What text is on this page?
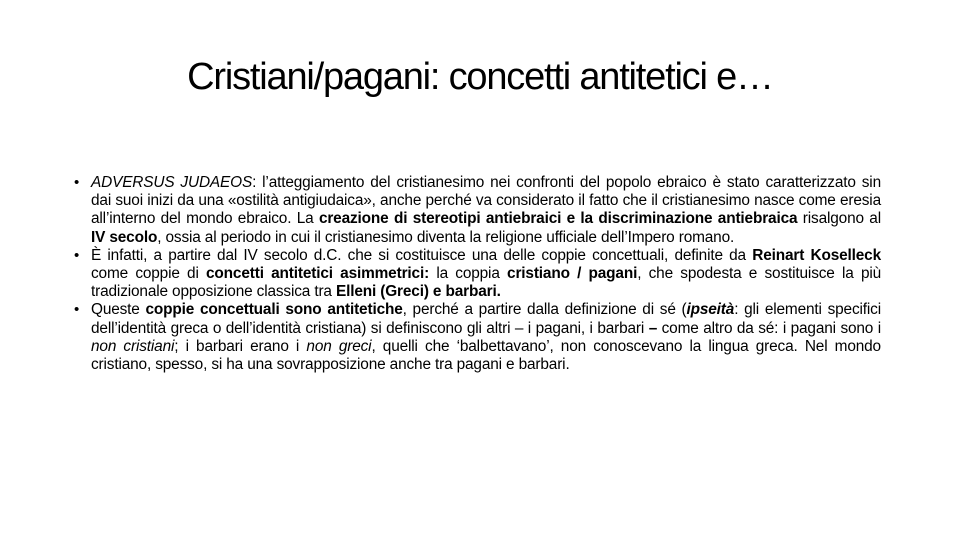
Cristiani/pagani: concetti antitetici e…
• ADVERSUS JUDAEOS: l’atteggiamento del cristianesimo nei confronti del popolo ebraico è stato caratterizzato sin dai suoi inizi da una «ostilità antigiudaica», anche perché va considerato il fatto che il cristianesimo nasce come eresia all’interno del mondo ebraico. La creazione di stereotipi antiebraici e la discriminazione antiebraica risalgono al IV secolo, ossia al periodo in cui il cristianesimo diventa la religione ufficiale dell’Impero romano.
• È infatti, a partire dal IV secolo d.C. che si costituisce una delle coppie concettuali, definite da Reinart Koselleck come coppie di concetti antitetici asimmetrici: la coppia cristiano / pagani, che spodesta e sostituisce la più tradizionale opposizione classica tra Elleni (Greci) e barbari.
• Queste coppie concettuali sono antitetiche, perché a partire dalla definizione di sé (ipseità: gli elementi specifici dell’identità greca o dell’identità cristiana) si definiscono gli altri – i pagani, i barbari – come altro da sé: i pagani sono i non cristiani; i barbari erano i non greci, quelli che ‘balbettavano’, non conoscevano la lingua greca. Nel mondo cristiano, spesso, si ha una sovrapposizione anche tra pagani e barbari.
